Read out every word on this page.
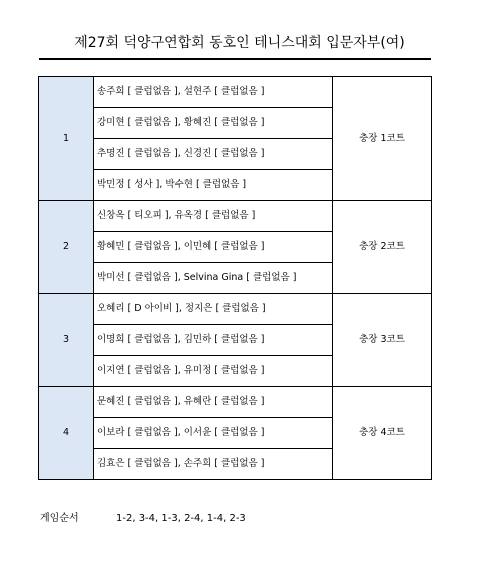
제27회 덕양구연합회 동호인 테니스대회 입문자부(여)
1	송주희 [ 클럽없음 ], 설현주 [ 클럽없음 ]	충장 1코트
	강미현 [ 클럽없음 ], 황혜진 [ 클럽없음 ]	
	추명진 [ 클럽없음 ], 신경진 [ 클럽없음 ]	
	박민정 [ 성사 ], 박수현 [ 클럽없음 ]	
2	신창옥 [ 티오피 ], 유옥경 [ 클럽없음 ]	충장 2코트
	황혜민 [ 클럽없음 ], 이민혜 [ 클럽없음 ]	
	박미선 [ 클럽없음 ], Selvina Gina [ 클럽없음 ]	
3	오혜리 [ D 아이비 ], 정지은 [ 클럽없음 ]	충장 3코트
	이명희 [ 클럽없음 ], 김민하 [ 클럽없음 ]	
	이지연 [ 클럽없음 ], 유미정 [ 클럽없음 ]	
4	문혜진 [ 클럽없음 ], 유혜란 [ 클럽없음 ]	충장 4코트
	이보라 [ 클럽없음 ], 이서윤 [ 클럽없음 ]	
	김효은 [ 클럽없음 ], 손주희 [ 클럽없음 ]	
게임순서	1-2, 3-4, 1-3, 2-4, 1-4, 2-3
